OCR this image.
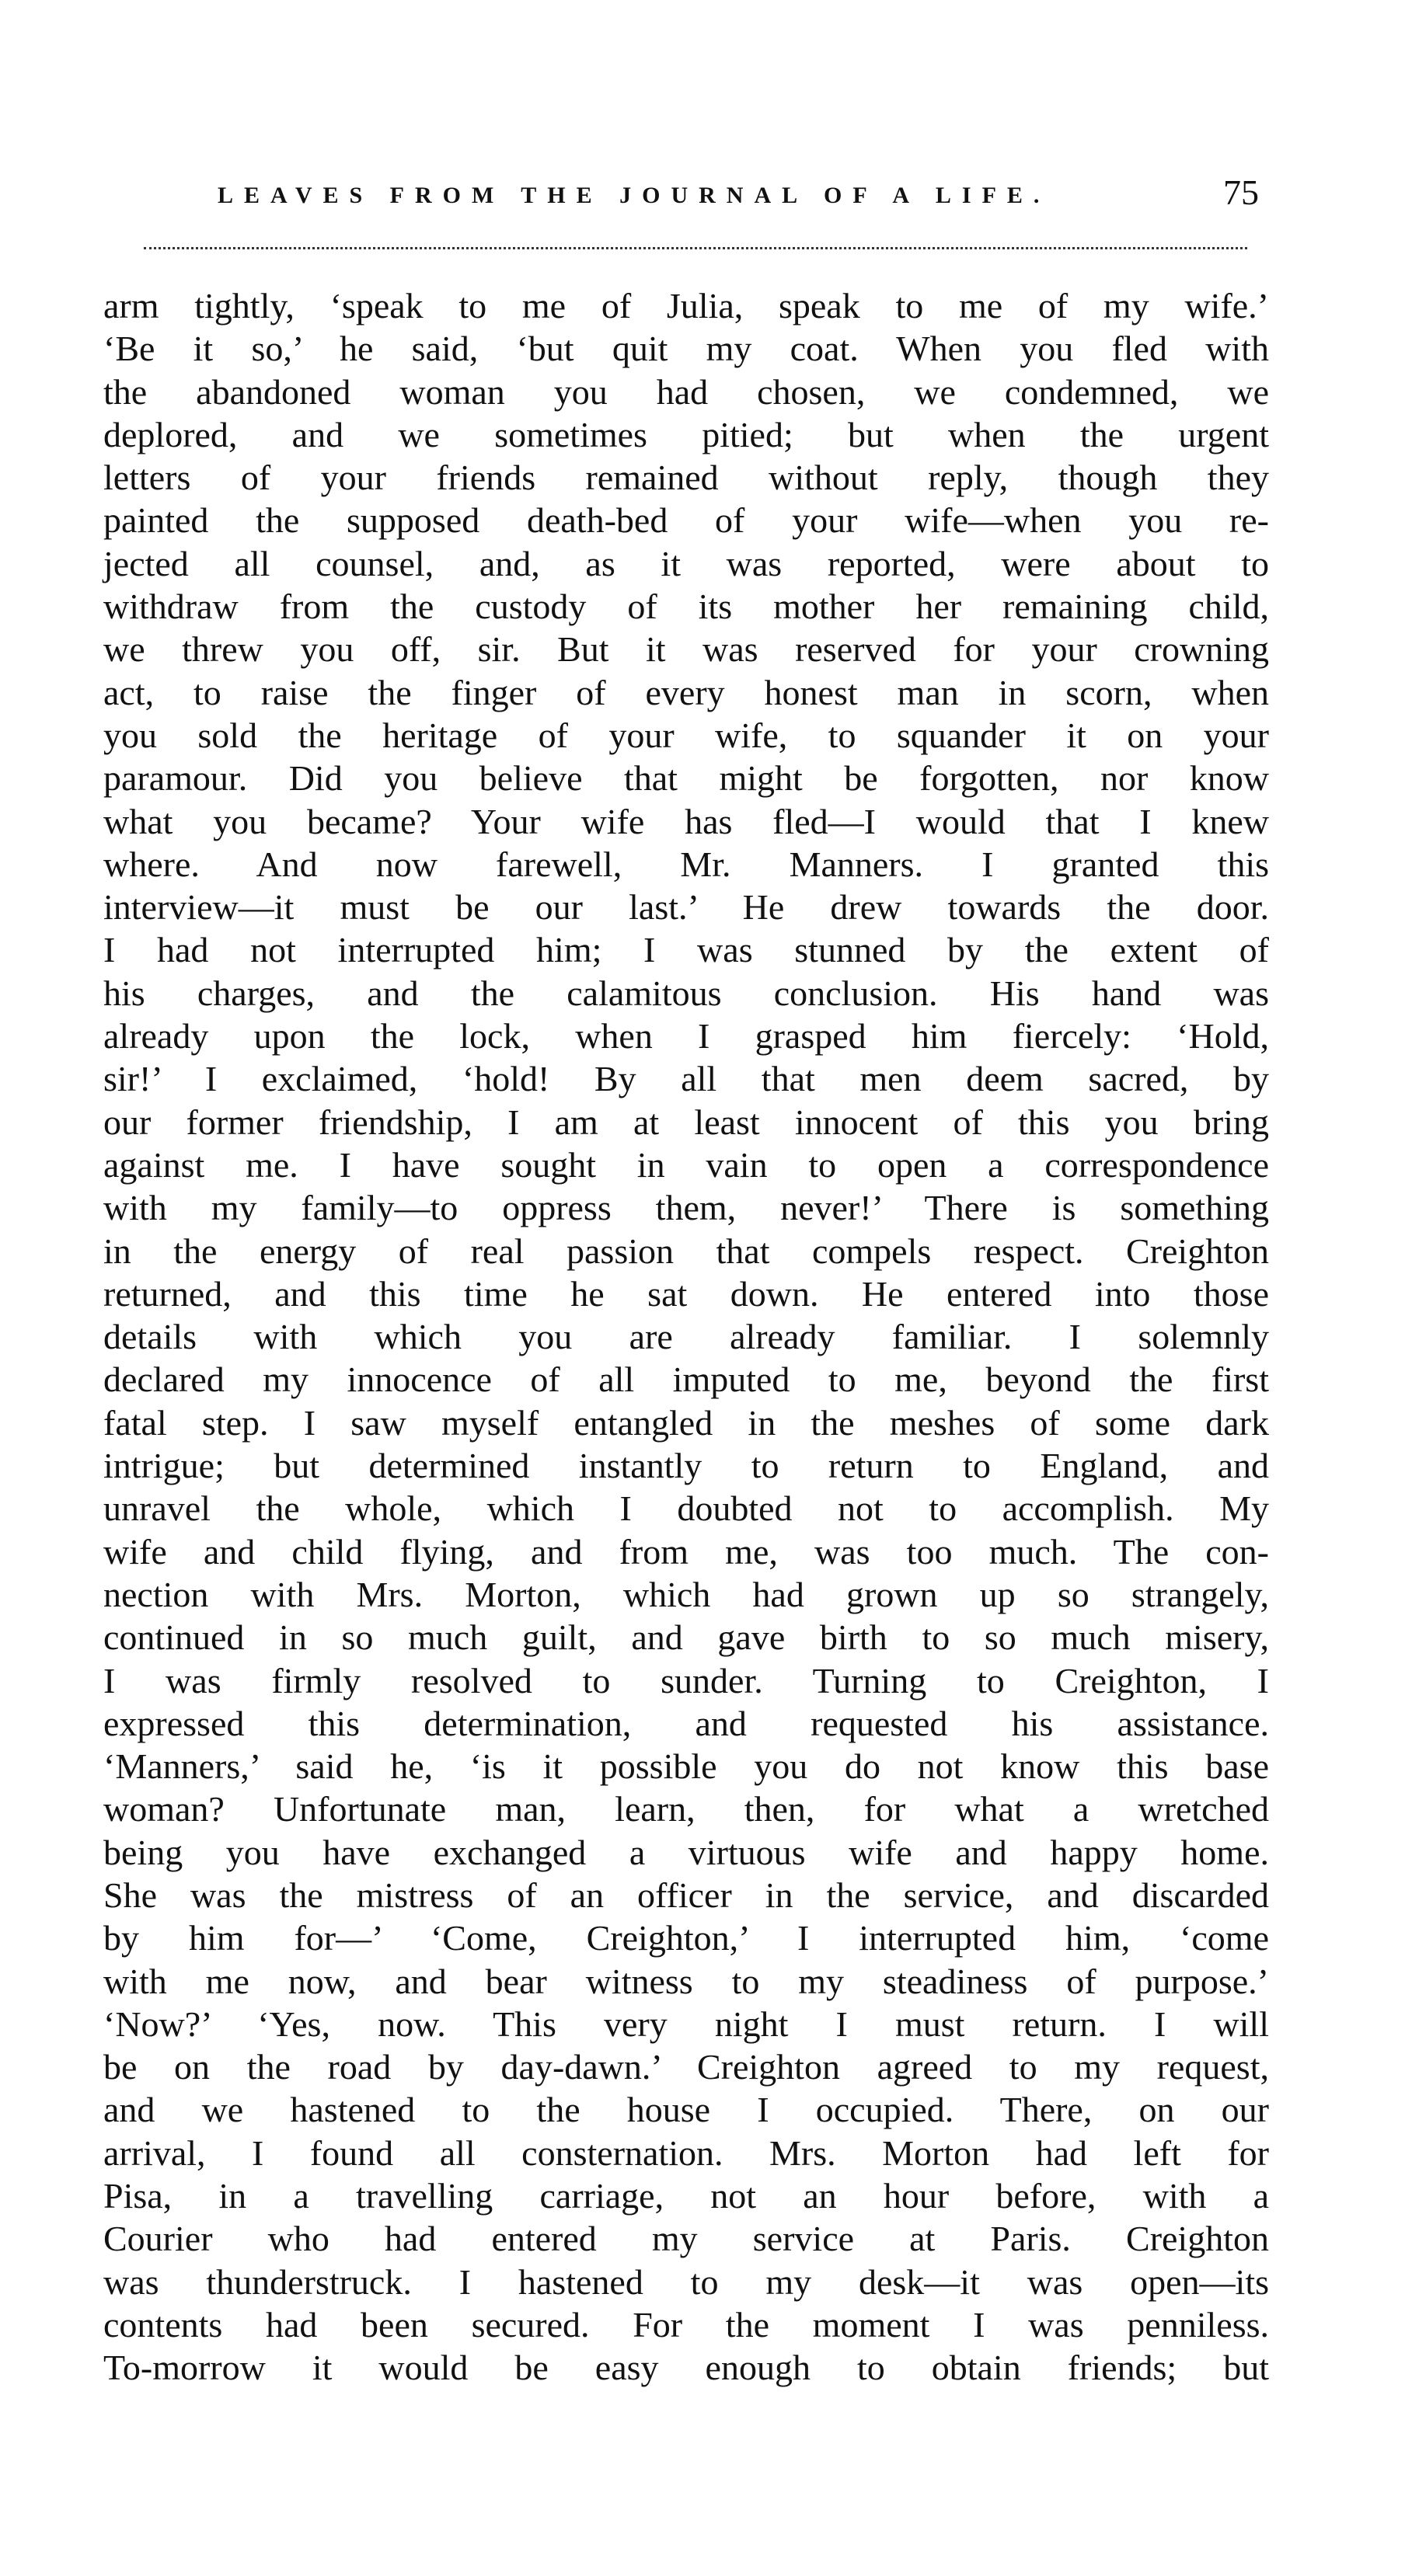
LEAVES FROM THE JOURNAL OF A LIFE.	75
arm tightly, ‘speak to me of Julia, speak to me of my wife.’
‘Be it so,’ he said, ‘but quit my coat. When you fled with
the abandoned woman you had chosen, we condemned, we
deplored, and we sometimes pitied; but when the urgent
letters of your friends remained without reply, though they
painted the supposed death-bed of your wife—when you re-
jected all counsel, and, as it was reported, were about to
withdraw from the custody of its mother her remaining child,
we threw you off, sir. But it was reserved for your crowning
act, to raise the finger of every honest man in scorn, when
you sold the heritage of your wife, to squander it on your
paramour. Did you believe that might be forgotten, nor know
what you became? Your wife has fled—I would that I knew
where. And now farewell, Mr. Manners. I granted this
interview—it must be our last.’ He drew towards the door.
I had not interrupted him; I was stunned by the extent of
his charges, and the calamitous conclusion. His hand was
already upon the lock, when I grasped him fiercely: ‘Hold,
sir!’ I exclaimed, ‘hold! By all that men deem sacred, by
our former friendship, I am at least innocent of this you bring
against me. I have sought in vain to open a correspondence
with my family—to oppress them, never!’ There is something
in the energy of real passion that compels respect. Creighton
returned, and this time he sat down. He entered into those
details with which you are already familiar. I solemnly
declared my innocence of all imputed to me, beyond the first
fatal step. I saw myself entangled in the meshes of some dark
intrigue; but determined instantly to return to England, and
unravel the whole, which I doubted not to accomplish. My
wife and child flying, and from me, was too much. The con-
nection with Mrs. Morton, which had grown up so strangely,
continued in so much guilt, and gave birth to so much misery,
I was firmly resolved to sunder. Turning to Creighton, I
expressed this determination, and requested his assistance.
‘Manners,’ said he, ‘is it possible you do not know this base
woman? Unfortunate man, learn, then, for what a wretched
being you have exchanged a virtuous wife and happy home.
She was the mistress of an officer in the service, and discarded
by him for—’ ‘Come, Creighton,’ I interrupted him, ‘come
with me now, and bear witness to my steadiness of purpose.’
‘Now?’ ‘Yes, now. This very night I must return. I will
be on the road by day-dawn.’ Creighton agreed to my request,
and we hastened to the house I occupied. There, on our
arrival, I found all consternation. Mrs. Morton had left for
Pisa, in a travelling carriage, not an hour before, with a
Courier who had entered my service at Paris. Creighton
was thunderstruck. I hastened to my desk—it was open—its
contents had been secured. For the moment I was penniless.
To-morrow it would be easy enough to obtain friends; but
